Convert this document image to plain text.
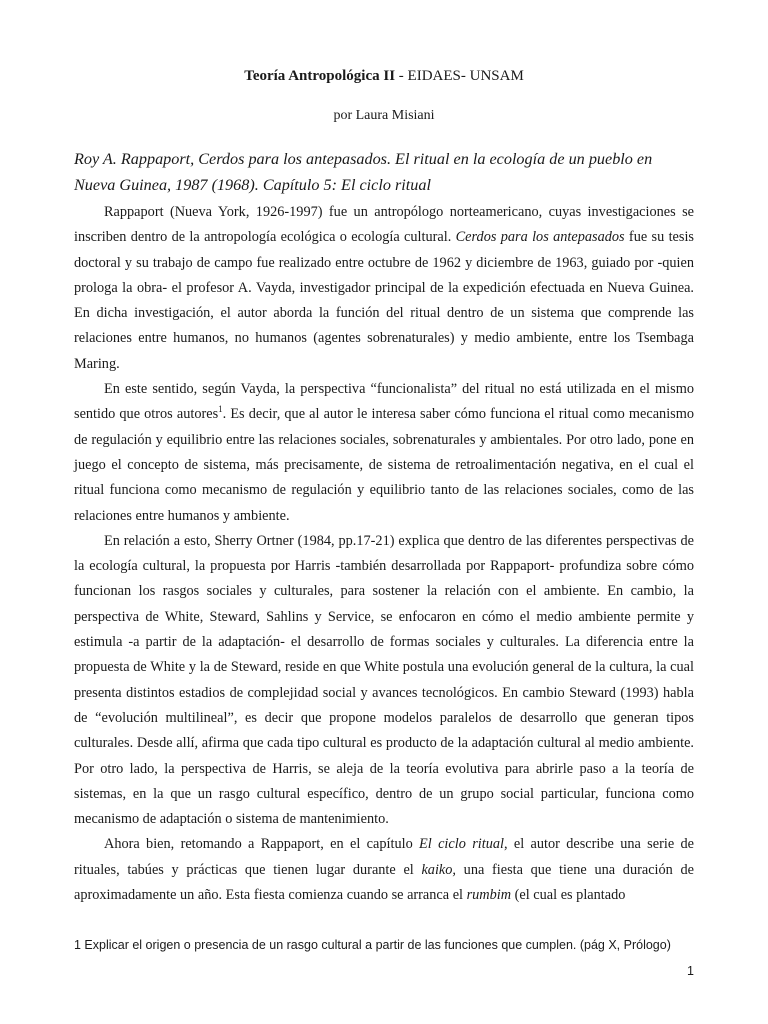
Teoría Antropológica II - EIDAES- UNSAM
por Laura Misiani
Roy A. Rappaport, Cerdos para los antepasados. El ritual en la ecología de un pueblo en Nueva Guinea, 1987 (1968). Capítulo 5: El ciclo ritual

Rappaport (Nueva York, 1926-1997) fue un antropólogo norteamericano, cuyas investigaciones se inscriben dentro de la antropología ecológica o ecología cultural. Cerdos para los antepasados fue su tesis doctoral y su trabajo de campo fue realizado entre octubre de 1962 y diciembre de 1963, guiado por -quien prologa la obra- el profesor A. Vayda, investigador principal de la expedición efectuada en Nueva Guinea. En dicha investigación, el autor aborda la función del ritual dentro de un sistema que comprende las relaciones entre humanos, no humanos (agentes sobrenaturales) y medio ambiente, entre los Tsembaga Maring.

En este sentido, según Vayda, la perspectiva “funcionalista” del ritual no está utilizada en el mismo sentido que otros autores$^1$. Es decir, que al autor le interesa saber cómo funciona el ritual como mecanismo de regulación y equilibrio entre las relaciones sociales, sobrenaturales y ambientales. Por otro lado, pone en juego el concepto de sistema, más precisamente, de sistema de retroalimentación negativa, en el cual el ritual funciona como mecanismo de regulación y equilibrio tanto de las relaciones sociales, como de las relaciones entre humanos y ambiente.

En relación a esto, Sherry Ortner (1984, pp.17-21) explica que dentro de las diferentes perspectivas de la ecología cultural, la propuesta por Harris -también desarrollada por Rappaport- profundiza sobre cómo funcionan los rasgos sociales y culturales, para sostener la relación con el ambiente. En cambio, la perspectiva de White, Steward, Sahlins y Service, se enfocaron en cómo el medio ambiente permite y estimula -a partir de la adaptación- el desarrollo de formas sociales y culturales. La diferencia entre la propuesta de White y la de Steward, reside en que White postula una evolución general de la cultura, la cual presenta distintos estadios de complejidad social y avances tecnológicos. En cambio Steward (1993) habla de “evolución multilineal”, es decir que propone modelos paralelos de desarrollo que generan tipos culturales. Desde allí, afirma que cada tipo cultural es producto de la adaptación cultural al medio ambiente. Por otro lado, la perspectiva de Harris, se aleja de la teoría evolutiva para abrirle paso a la teoría de sistemas, en la que un rasgo cultural específico, dentro de un grupo social particular, funciona como mecanismo de adaptación o sistema de mantenimiento.

Ahora bien, retomando a Rappaport, en el capítulo El ciclo ritual, el autor describe una serie de rituales, tabúes y prácticas que tienen lugar durante el kaiko, una fiesta que tiene una duración de aproximadamente un año. Esta fiesta comienza cuando se arranca el rumbim (el cual es plantado

1 Explicar el origen o presencia de un rasgo cultural a partir de las funciones que cumplen. (pág X, Prólogo)
1
